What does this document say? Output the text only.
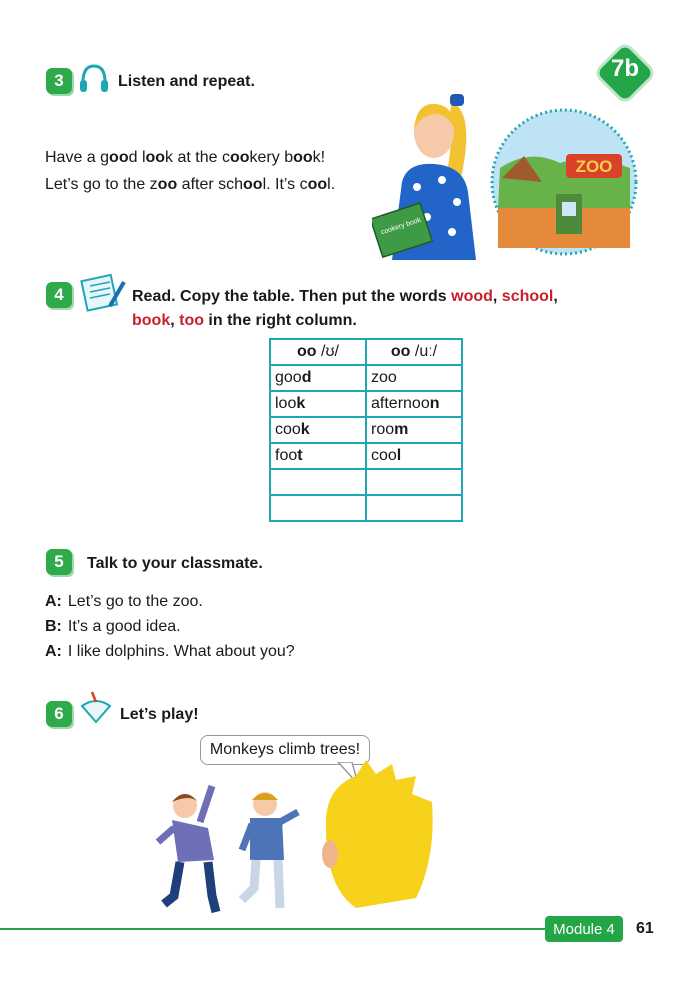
7b
3	Listen and repeat.
Have a good look at the cookery book!
Let’s go to the zoo after school. It’s cool.
cookery book
ZOO
4	Read. Copy the table. Then put the words wood, school,
book, too in the right column.
oo /ʊ/	oo /uː/
good	zoo
look	afternoon
cook	room
foot	cool

5	Talk to your classmate.
A: Let’s go to the zoo.
B: It’s a good idea.
A: I like dolphins. What about you?
6	Let’s play!
Monkeys climb trees!
Module 4	61
